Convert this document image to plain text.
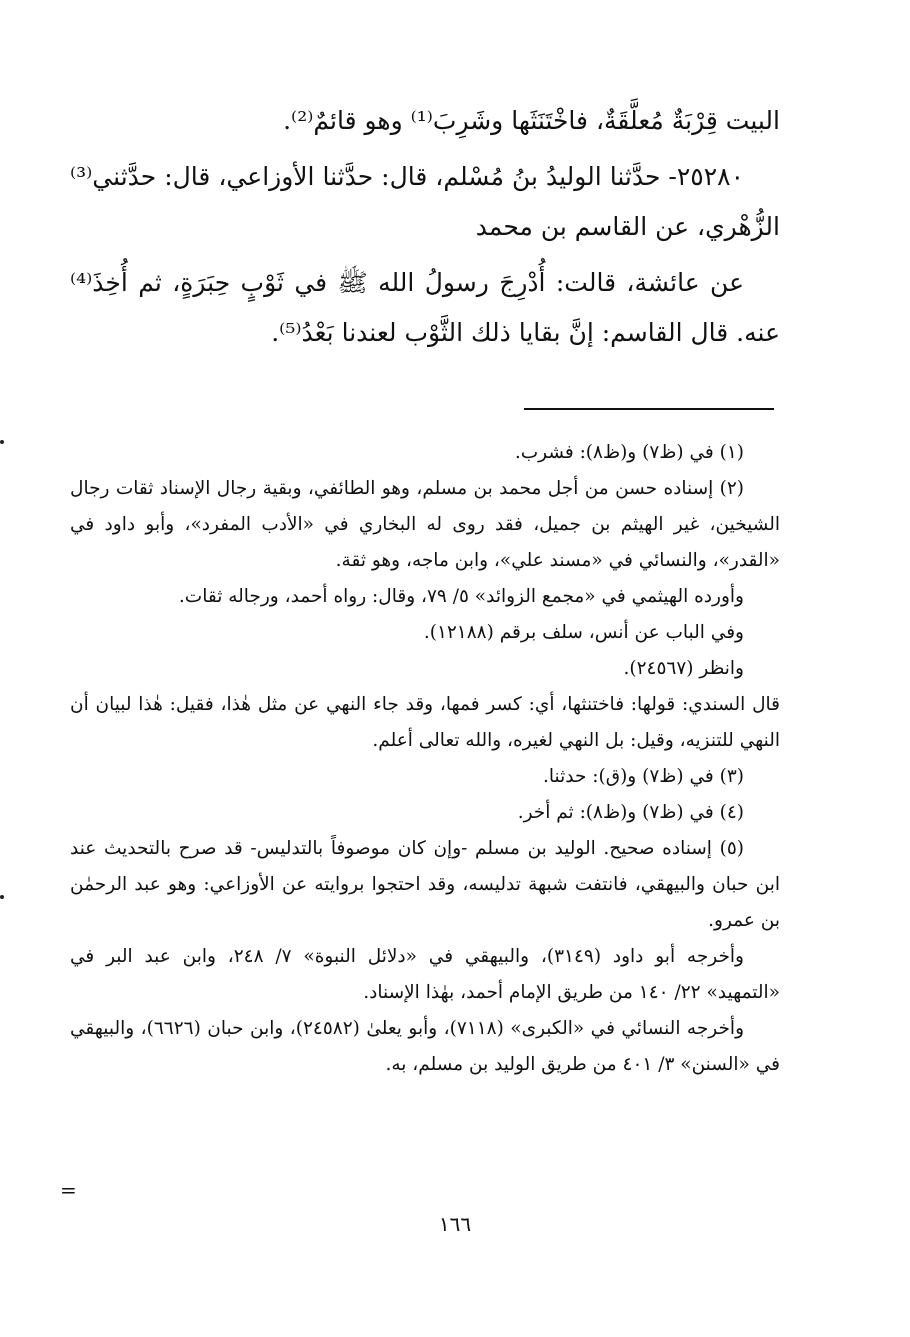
البيت قِرْبَةٌ مُعلَّقَةٌ، فاخْتَنَثَها وشَرِبَ⁽¹⁾ وهو قائمٌ⁽²⁾.

٢٥٢٨٠- حدَّثنا الوليدُ بنُ مُسْلم، قال: حدَّثنا الأوزاعي، قال: حدَّثني⁽³⁾ الزُّهْري، عن القاسم بن محمد

عن عائشة، قالت: أُدْرِجَ رسولُ الله ﷺ في ثَوْبٍ حِبَرَةٍ، ثم أُخِذَ⁽⁴⁾ عنه. قال القاسم: إنَّ بقايا ذلك الثَّوْب لعندنا بَعْدُ⁽⁵⁾.

(١) في (ظ٧) و(ظ٨): فشرب.

(٢) إسناده حسن من أجل محمد بن مسلم، وهو الطائفي، وبقية رجال الإسناد ثقات رجال الشيخين، غير الهيثم بن جميل، فقد روى له البخاري في «الأدب المفرد»، وأبو داود في «القدر»، والنسائي في «مسند علي»، وابن ماجه، وهو ثقة.

وأورده الهيثمي في «مجمع الزوائد» ٥/ ٧٩، وقال: رواه أحمد، ورجاله ثقات.

وفي الباب عن أنس، سلف برقم (١٢١٨٨).

وانظر (٢٤٥٦٧).

قال السندي: قولها: فاختنثها، أي: كسر فمها، وقد جاء النهي عن مثل هٰذا، فقيل: هٰذا لبيان أن النهي للتنزيه، وقيل: بل النهي لغيره، والله تعالى أعلم.

(٣) في (ظ٧) و(ق): حدثنا.

(٤) في (ظ٧) و(ظ٨): ثم أخر.

(٥) إسناده صحيح. الوليد بن مسلم -وإن كان موصوفاً بالتدليس- قد صرح بالتحديث عند ابن حبان والبيهقي، فانتفت شبهة تدليسه، وقد احتجوا بروايته عن الأوزاعي: وهو عبد الرحمٰن بن عمرو.

وأخرجه أبو داود (٣١٤٩)، والبيهقي في «دلائل النبوة» ٧/ ٢٤٨، وابن عبد البر في «التمهيد» ٢٢/ ١٤٠ من طريق الإمام أحمد، بهٰذا الإسناد.

وأخرجه النسائي في «الكبرى» (٧١١٨)، وأبو يعلىٰ (٢٤٥٨٢)، وابن حبان (٦٦٢٦)، والبيهقي في «السنن» ٣/ ٤٠١ من طريق الوليد بن مسلم، به.

=
١٦٦
